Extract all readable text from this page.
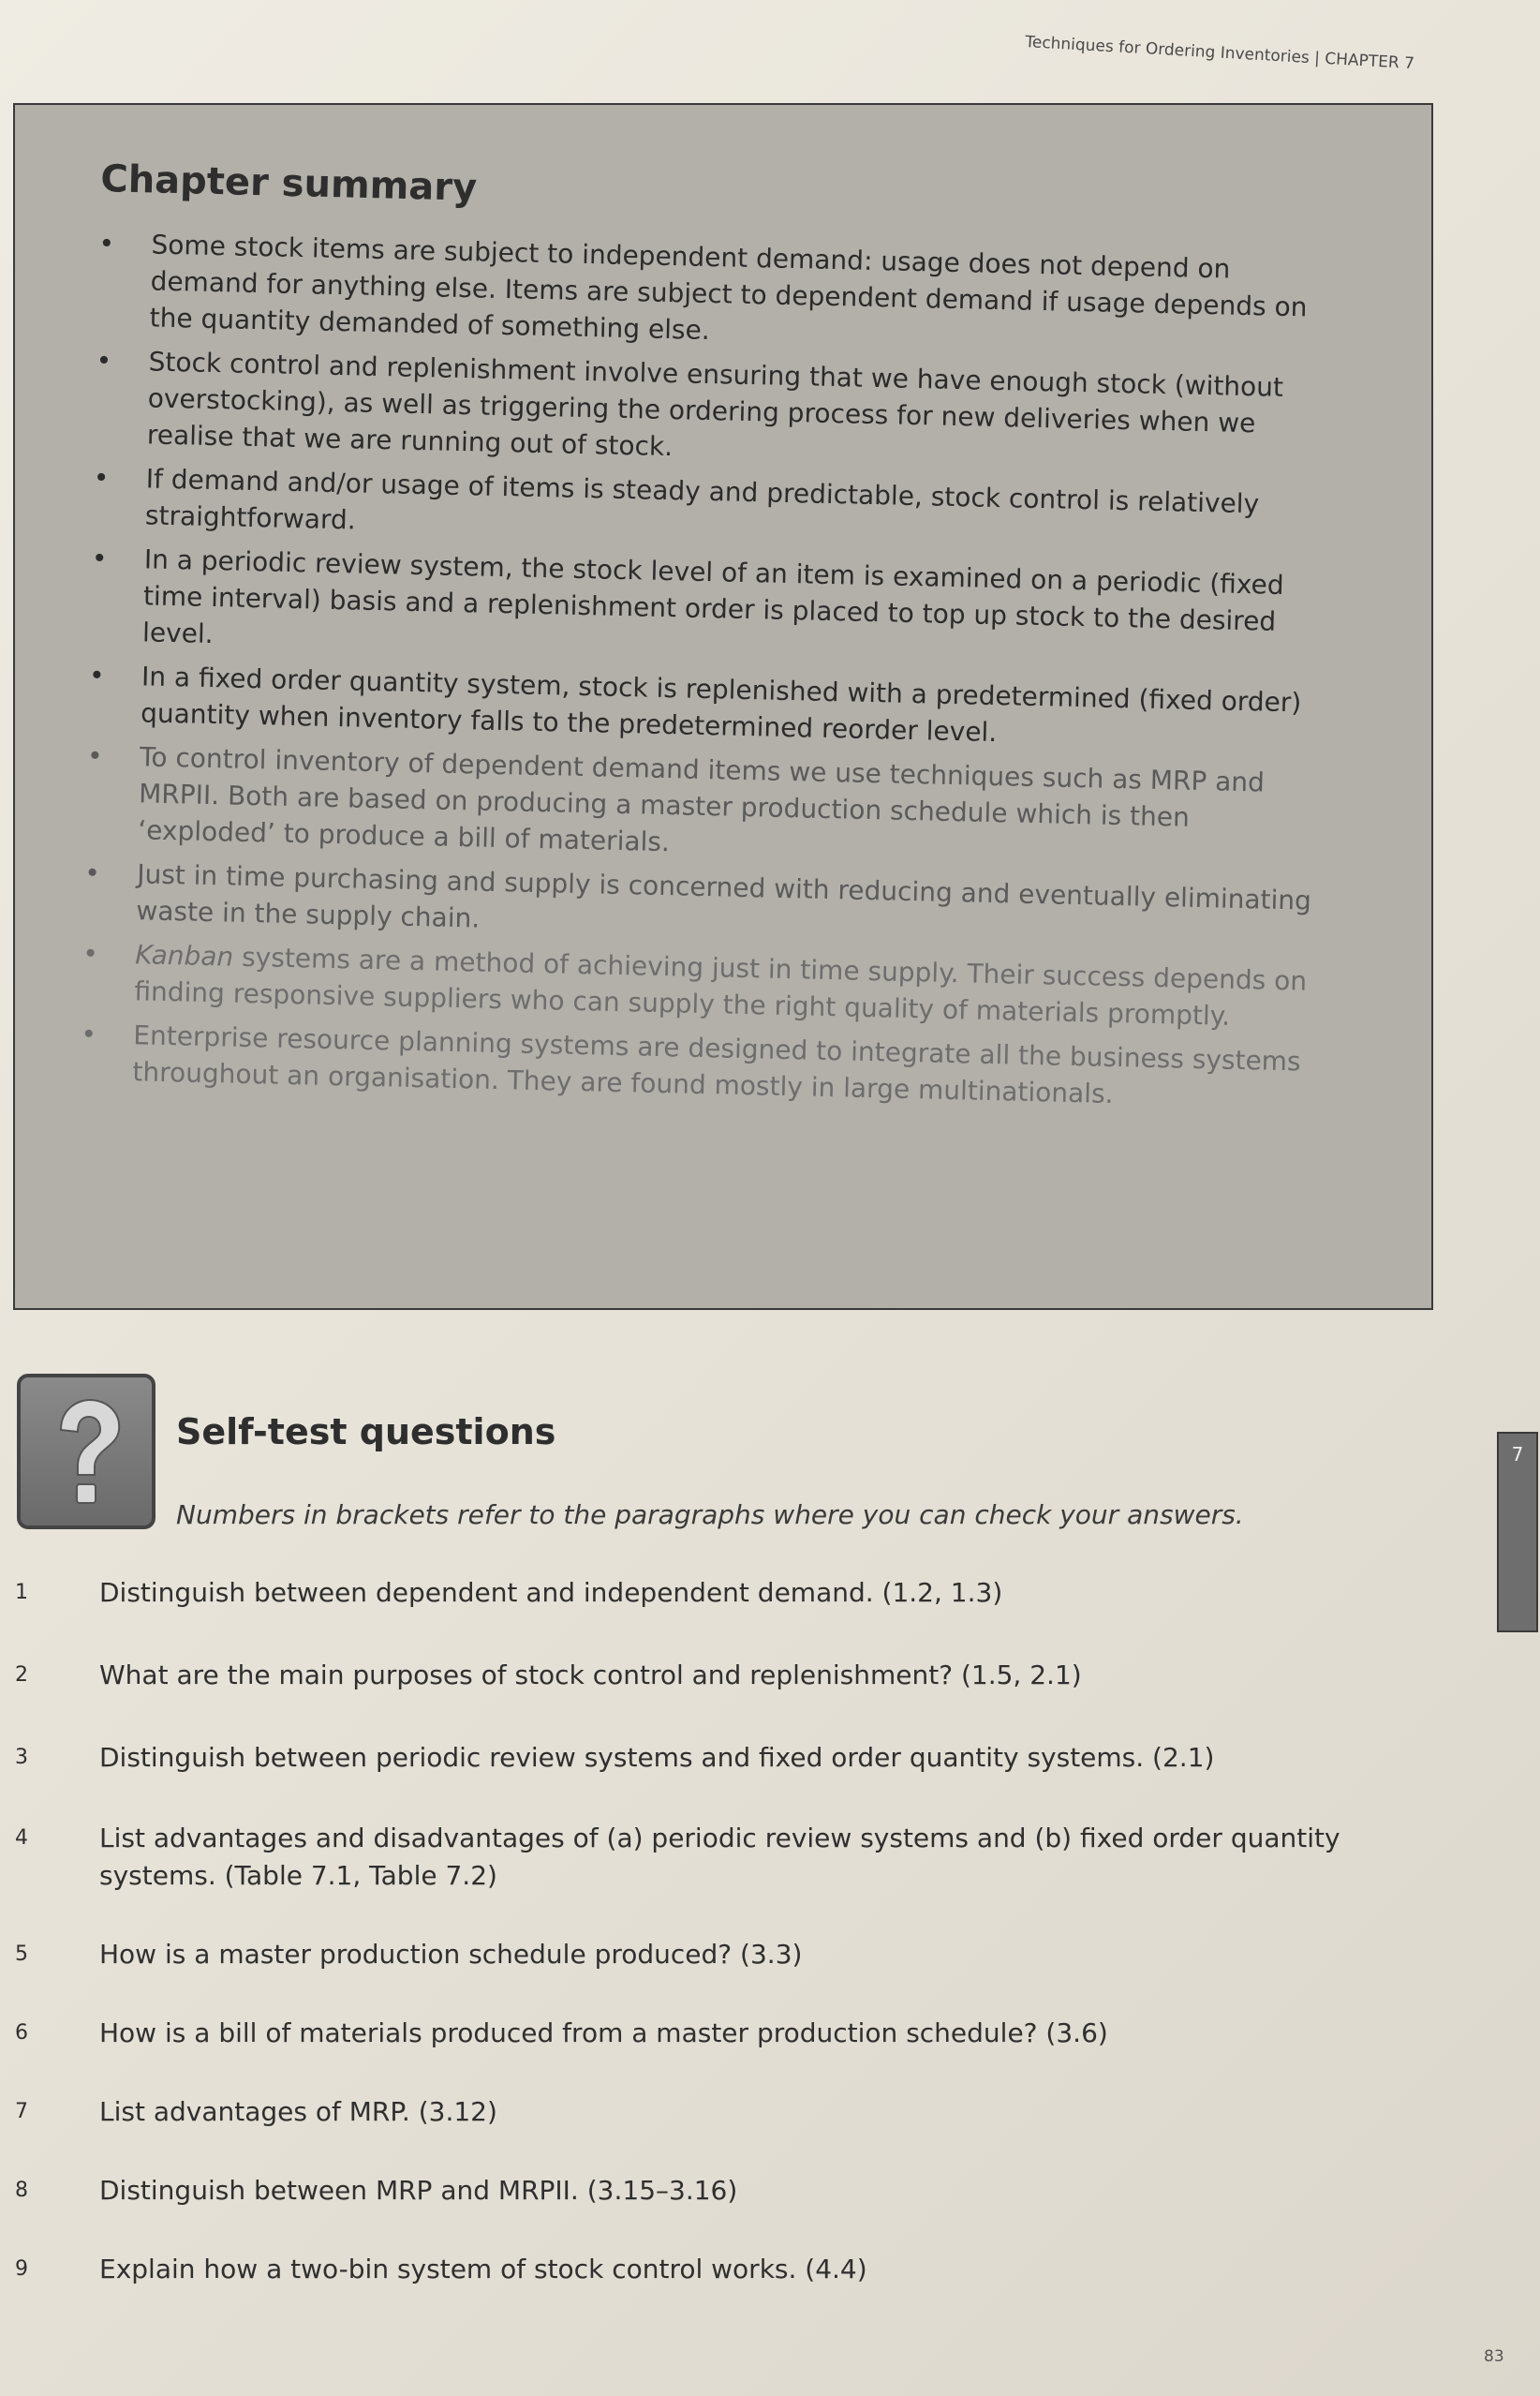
Techniques for Ordering Inventories | CHAPTER 7
Chapter summary
• Some stock items are subject to independent demand: usage does not depend on demand for anything else. Items are subject to dependent demand if usage depends on the quantity demanded of something else.
• Stock control and replenishment involve ensuring that we have enough stock (without overstocking), as well as triggering the ordering process for new deliveries when we realise that we are running out of stock.
• If demand and/or usage of items is steady and predictable, stock control is relatively straightforward.
• In a periodic review system, the stock level of an item is examined on a periodic (fixed time interval) basis and a replenishment order is placed to top up stock to the desired level.
• In a fixed order quantity system, stock is replenished with a predetermined (fixed order) quantity when inventory falls to the predetermined reorder level.
• To control inventory of dependent demand items we use techniques such as MRP and MRPII. Both are based on producing a master production schedule which is then ‘exploded’ to produce a bill of materials.
• Just in time purchasing and supply is concerned with reducing and eventually eliminating waste in the supply chain.
• Kanban systems are a method of achieving just in time supply. Their success depends on finding responsive suppliers who can supply the right quality of materials promptly.
• Enterprise resource planning systems are designed to integrate all the business systems throughout an organisation. They are found mostly in large multinationals.
Self-test questions
Numbers in brackets refer to the paragraphs where you can check your answers.
7
1	Distinguish between dependent and independent demand. (1.2, 1.3)
2	What are the main purposes of stock control and replenishment? (1.5, 2.1)
3	Distinguish between periodic review systems and fixed order quantity systems. (2.1)
4	List advantages and disadvantages of (a) periodic review systems and (b) fixed order quantity systems. (Table 7.1, Table 7.2)
5	How is a master production schedule produced? (3.3)
6	How is a bill of materials produced from a master production schedule? (3.6)
7	List advantages of MRP. (3.12)
8	Distinguish between MRP and MRPII. (3.15–3.16)
9	Explain how a two-bin system of stock control works. (4.4)
83
